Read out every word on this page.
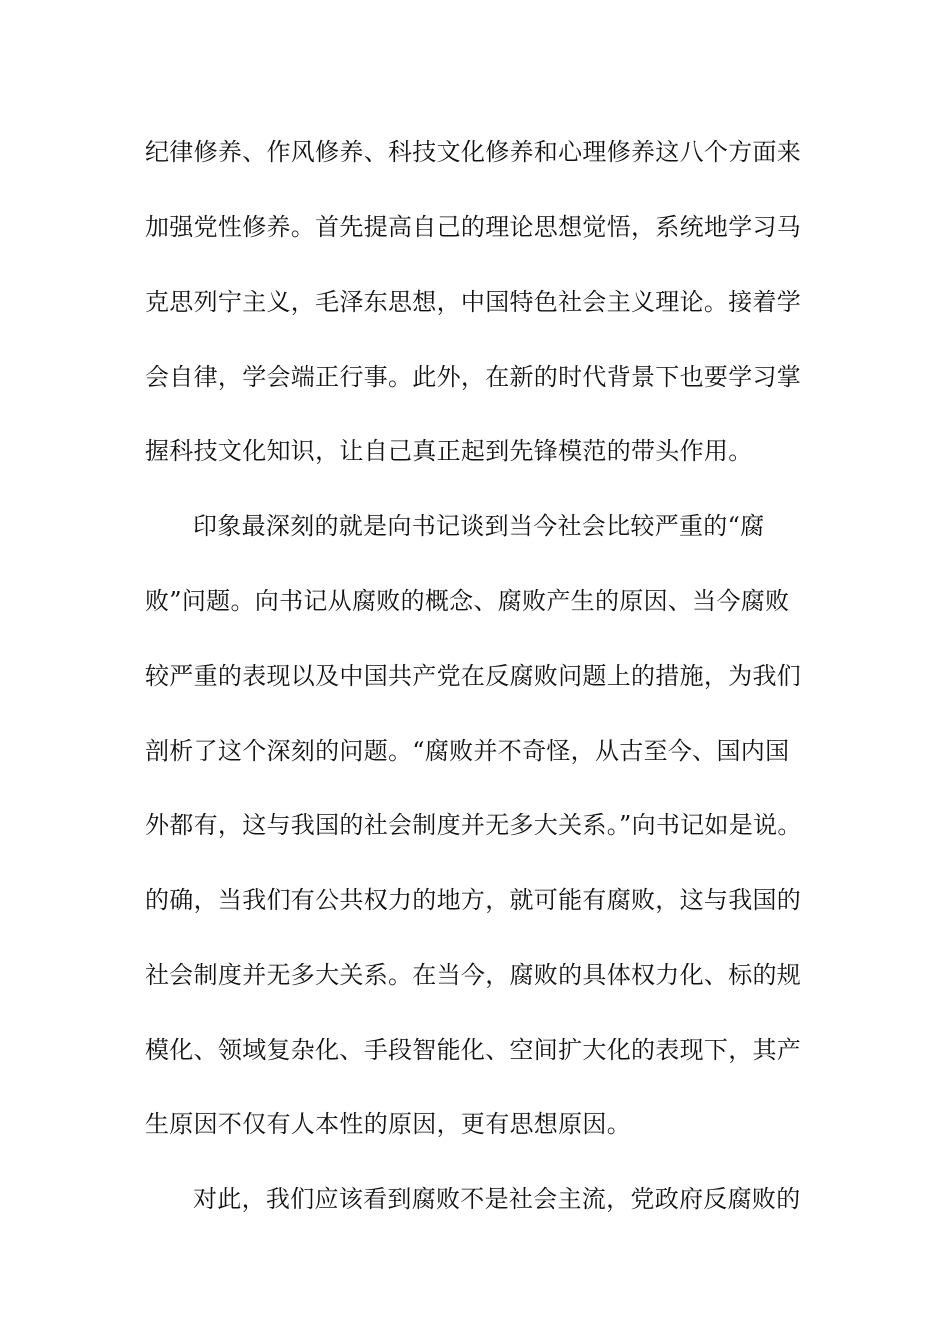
纪律修养、作风修养、科技文化修养和心理修养这八个方面来
加强党性修养。首先提高自己的理论思想觉悟，系统地学习马
克思列宁主义，毛泽东思想，中国特色社会主义理论。接着学
会自律，学会端正行事。此外，在新的时代背景下也要学习掌
握科技文化知识，让自己真正起到先锋模范的带头作用。
印象最深刻的就是向书记谈到当今社会比较严重的“腐
败”问题。向书记从腐败的概念、腐败产生的原因、当今腐败
较严重的表现以及中国共产党在反腐败问题上的措施，为我们
剖析了这个深刻的问题。“腐败并不奇怪，从古至今、国内国
外都有，这与我国的社会制度并无多大关系。”向书记如是说。
的确，当我们有公共权力的地方，就可能有腐败，这与我国的
社会制度并无多大关系。在当今，腐败的具体权力化、标的规
模化、领域复杂化、手段智能化、空间扩大化的表现下，其产
生原因不仅有人本性的原因，更有思想原因。
对此，我们应该看到腐败不是社会主流，党政府反腐败的
